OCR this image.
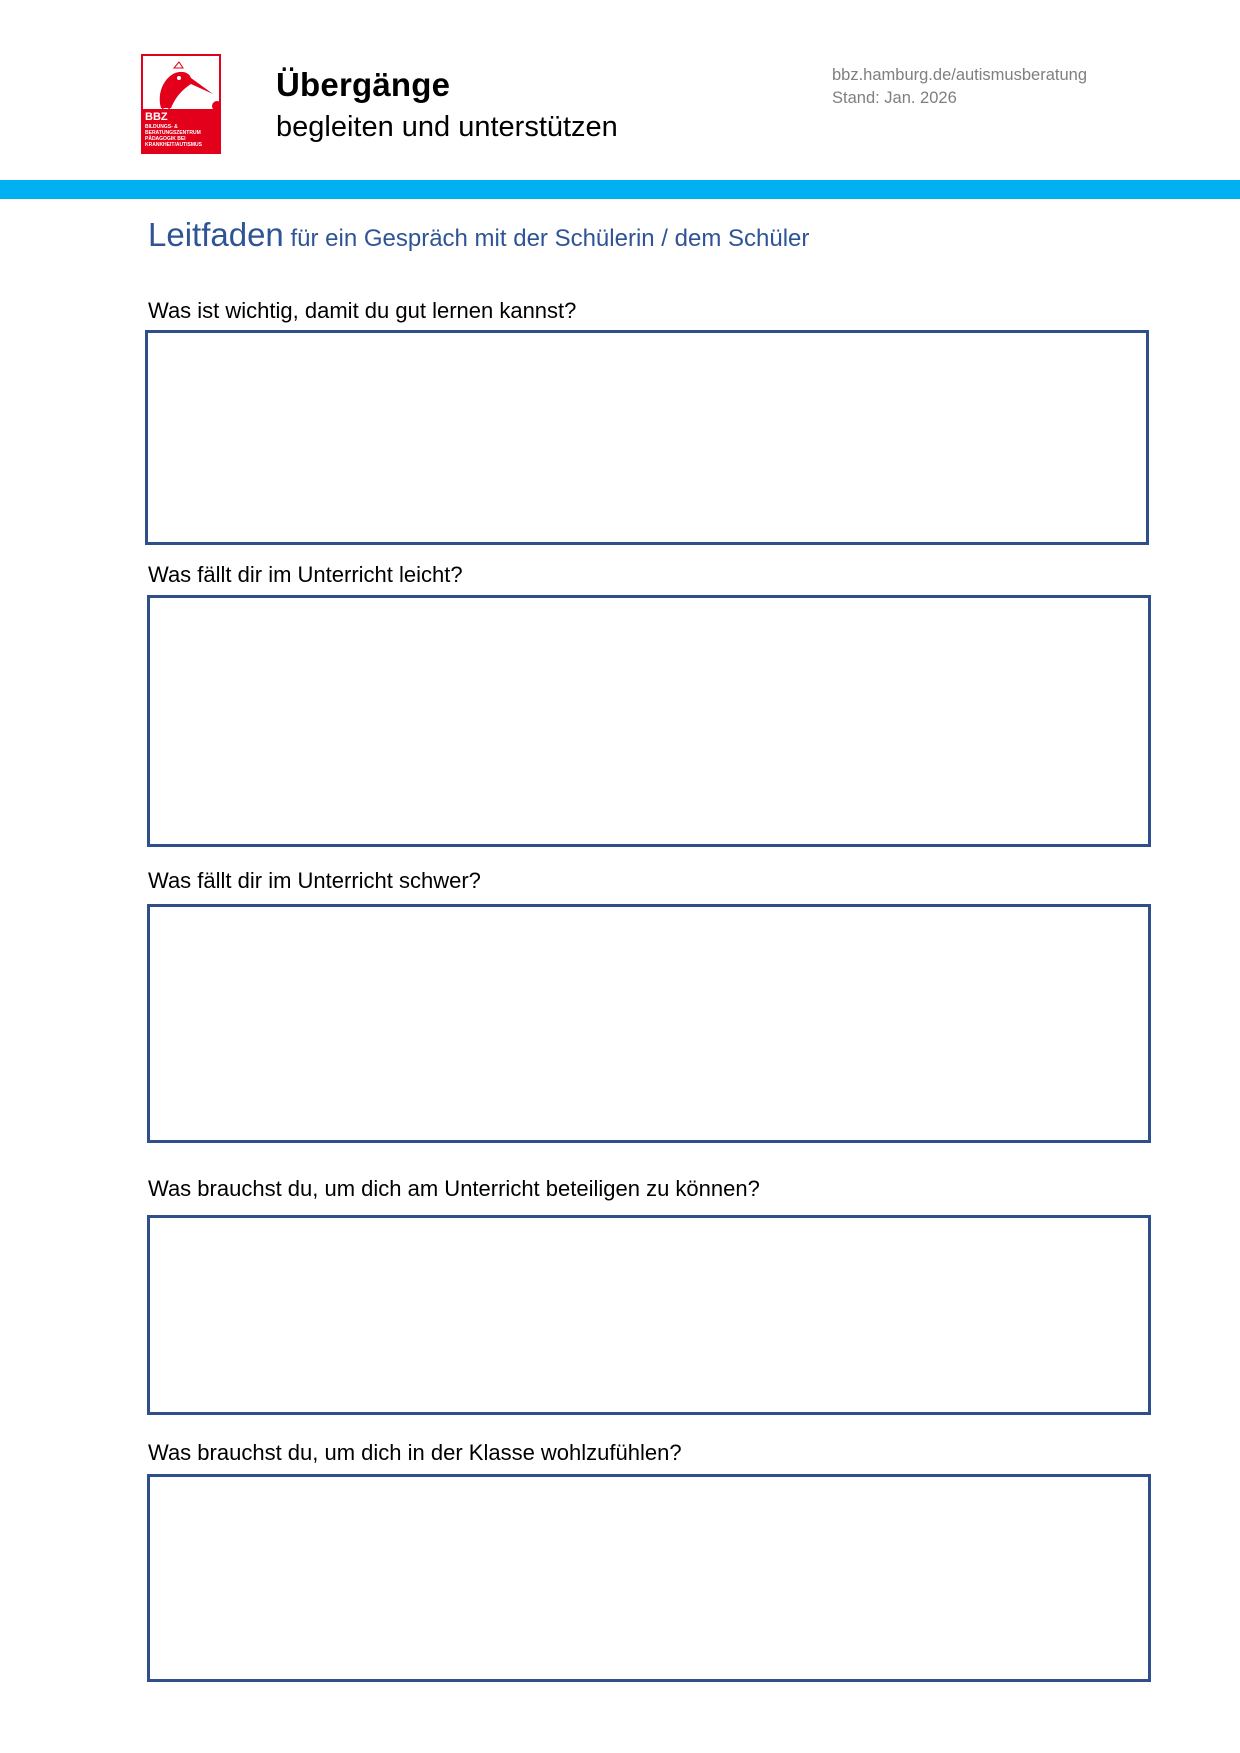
BBZ
BILDUNGS- &
BERATUNGSZENTRUM
PÄDAGOGIK BEI
KRANKHEIT/AUTISMUS
Übergänge
begleiten und unterstützen
bbz.hamburg.de/autismusberatung
Stand: Jan. 2026
Leitfaden für ein Gespräch mit der Schülerin / dem Schüler
Was ist wichtig, damit du gut lernen kannst?
Was fällt dir im Unterricht leicht?
Was fällt dir im Unterricht schwer?
Was brauchst du, um dich am Unterricht beteiligen zu können?
Was brauchst du, um dich in der Klasse wohlzufühlen?
